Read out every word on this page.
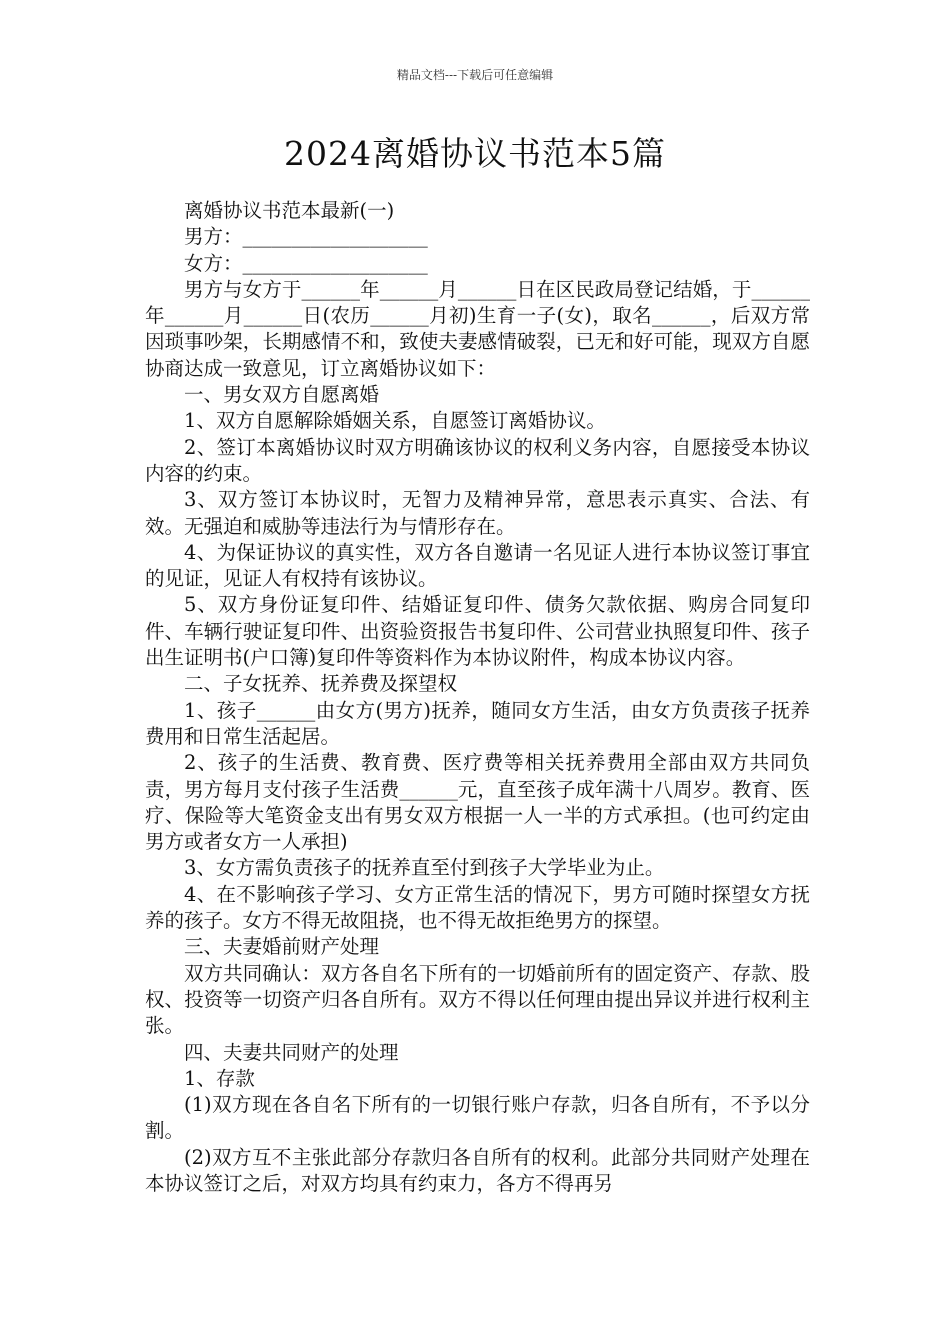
精品文档---下载后可任意编辑
2024离婚协议书范本5篇

离婚协议书范本最新(一)

男方：___________________

女方：___________________

男方与女方于______年______月______日在区民政局登记结婚，于______年______月______日(农历______月初)生育一子(女)，取名______，后双方常因琐事吵架，长期感情不和，致使夫妻感情破裂，已无和好可能，现双方自愿协商达成一致意见，订立离婚协议如下：

一、男女双方自愿离婚

1、双方自愿解除婚姻关系，自愿签订离婚协议。

2、签订本离婚协议时双方明确该协议的权利义务内容，自愿接受本协议内容的约束。

3、双方签订本协议时，无智力及精神异常，意思表示真实、合法、有效。无强迫和威胁等违法行为与情形存在。

4、为保证协议的真实性，双方各自邀请一名见证人进行本协议签订事宜的见证，见证人有权持有该协议。

5、双方身份证复印件、结婚证复印件、债务欠款依据、购房合同复印件、车辆行驶证复印件、出资验资报告书复印件、公司营业执照复印件、孩子出生证明书(户口簿)复印件等资料作为本协议附件，构成本协议内容。

二、子女抚养、抚养费及探望权

1、孩子______由女方(男方)抚养，随同女方生活，由女方负责孩子抚养费用和日常生活起居。

2、孩子的生活费、教育费、医疗费等相关抚养费用全部由双方共同负责，男方每月支付孩子生活费______元，直至孩子成年满十八周岁。教育、医疗、保险等大笔资金支出有男女双方根据一人一半的方式承担。(也可约定由男方或者女方一人承担)

3、女方需负责孩子的抚养直至付到孩子大学毕业为止。

4、在不影响孩子学习、女方正常生活的情况下，男方可随时探望女方抚养的孩子。女方不得无故阻挠，也不得无故拒绝男方的探望。

三、夫妻婚前财产处理

双方共同确认：双方各自名下所有的一切婚前所有的固定资产、存款、股权、投资等一切资产归各自所有。双方不得以任何理由提出异议并进行权利主张。

四、夫妻共同财产的处理

1、存款

(1)双方现在各自名下所有的一切银行账户存款，归各自所有，不予以分割。

(2)双方互不主张此部分存款归各自所有的权利。此部分共同财产处理在本协议签订之后，对双方均具有约束力，各方不得再另
